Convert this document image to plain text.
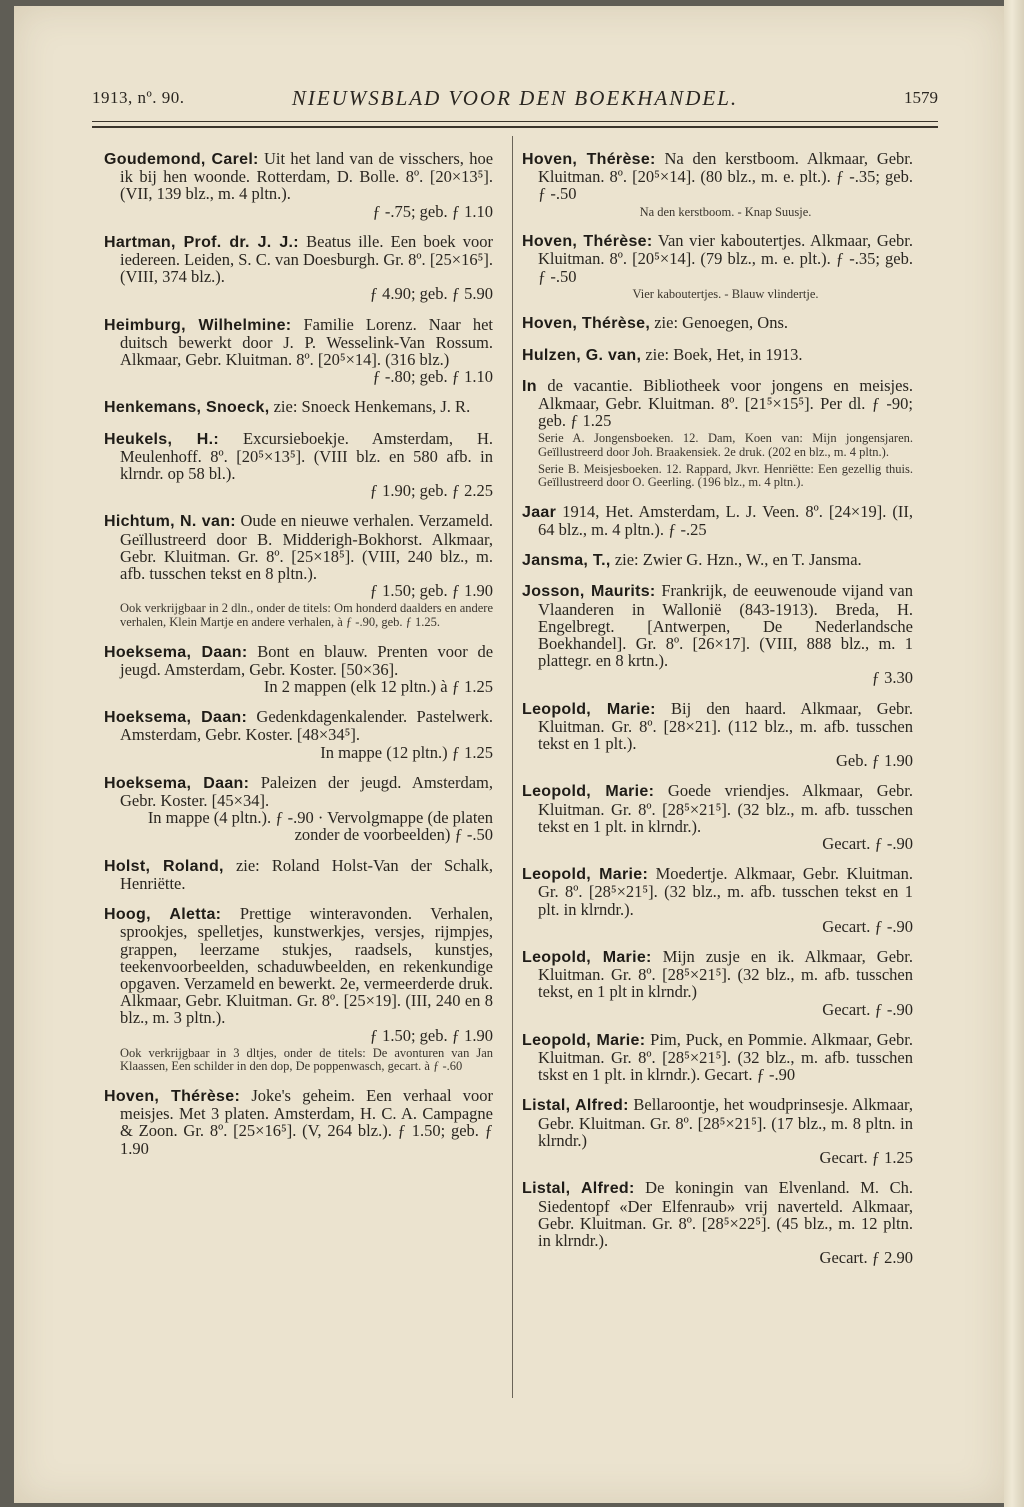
1913, nº. 90.	NIEUWSBLAD VOOR DEN BOEKHANDEL.	1579
Goudemond, Carel: Uit het land van de visschers, hoe ik bij hen woonde. Rotterdam, D. Bolle. 8º. [20×13⁵]. (VII, 139 blz., m. 4 pltn.).
ƒ -.75; geb. ƒ 1.10
Hartman, Prof. dr. J. J.: Beatus ille. Een boek voor iedereen. Leiden, S. C. van Doesburgh. Gr. 8º. [25×16⁵]. (VIII, 374 blz.).
ƒ 4.90; geb. ƒ 5.90
Heimburg, Wilhelmine: Familie Lorenz. Naar het duitsch bewerkt door J. P. Wesselink-Van Rossum. Alkmaar, Gebr. Kluitman. 8º. [20⁵×14]. (316 blz.)
ƒ -.80; geb. ƒ 1.10
Henkemans, Snoeck, zie: Snoeck Henkemans, J. R.
Heukels, H.: Excursieboekje. Amsterdam, H. Meulenhoff. 8º. [20⁵×13⁵]. (VIII blz. en 580 afb. in klrndr. op 58 bl.).
ƒ 1.90; geb. ƒ 2.25
Hichtum, N. van: Oude en nieuwe verhalen. Verzameld. Geïllustreerd door B. Midderigh-Bokhorst. Alkmaar, Gebr. Kluitman. Gr. 8º. [25×18⁵]. (VIII, 240 blz., m. afb. tusschen tekst en 8 pltn.).
ƒ 1.50; geb. ƒ 1.90
Ook verkrijgbaar in 2 dln., onder de titels: Om honderd daalders en andere verhalen, Klein Martje en andere verhalen, à ƒ -.90, geb. ƒ 1.25.
Hoeksema, Daan: Bont en blauw. Prenten voor de jeugd. Amsterdam, Gebr. Koster. [50×36].
In 2 mappen (elk 12 pltn.) à ƒ 1.25
Hoeksema, Daan: Gedenkdagenkalender. Pastelwerk. Amsterdam, Gebr. Koster. [48×34⁵].
In mappe (12 pltn.) ƒ 1.25
Hoeksema, Daan: Paleizen der jeugd. Amsterdam, Gebr. Koster. [45×34].
In mappe (4 pltn.). ƒ -.90 · Vervolgmappe (de platen zonder de voorbeelden) ƒ -.50
Holst, Roland, zie: Roland Holst-Van der Schalk, Henriëtte.
Hoog, Aletta: Prettige winteravonden. Verhalen, sprookjes, spelletjes, kunstwerkjes, versjes, rijmpjes, grappen, leerzame stukjes, raadsels, kunstjes, teekenvoorbeelden, schaduwbeelden, en rekenkundige opgaven. Verzameld en bewerkt. 2e, vermeerderde druk. Alkmaar, Gebr. Kluitman. Gr. 8º. [25×19]. (III, 240 en 8 blz., m. 3 pltn.).
ƒ 1.50; geb. ƒ 1.90
Ook verkrijgbaar in 3 dltjes, onder de titels: De avonturen van Jan Klaassen, Een schilder in den dop, De poppenwasch, gecart. à ƒ -.60
Hoven, Thérèse: Joke's geheim. Een verhaal voor meisjes. Met 3 platen. Amsterdam, H. C. A. Campagne & Zoon. Gr. 8º. [25×16⁵]. (V, 264 blz.). ƒ 1.50; geb. ƒ 1.90
Hoven, Thérèse: Na den kerstboom. Alkmaar, Gebr. Kluitman. 8º. [20⁵×14]. (80 blz., m. e. plt.). ƒ -.35; geb. ƒ -.50
Na den kerstboom. - Knap Suusje.
Hoven, Thérèse: Van vier kaboutertjes. Alkmaar, Gebr. Kluitman. 8º. [20⁵×14]. (79 blz., m. e. plt.). ƒ -.35; geb. ƒ -.50
Vier kaboutertjes. - Blauw vlindertje.
Hoven, Thérèse, zie: Genoegen, Ons.
Hulzen, G. van, zie: Boek, Het, in 1913.
In de vacantie. Bibliotheek voor jongens en meisjes. Alkmaar, Gebr. Kluitman. 8º. [21⁵×15⁵]. Per dl. ƒ -90; geb. ƒ 1.25
Serie A. Jongensboeken. 12. Dam, Koen van: Mijn jongensjaren. Geïllustreerd door Joh. Braakensiek. 2e druk. (202 en blz., m. 4 pltn.).
Serie B. Meisjesboeken. 12. Rappard, Jkvr. Henriëtte: Een gezellig thuis. Geïllustreerd door O. Geerling. (196 blz., m. 4 pltn.).
Jaar 1914, Het. Amsterdam, L. J. Veen. 8º. [24×19]. (II, 64 blz., m. 4 pltn.). ƒ -.25
Jansma, T., zie: Zwier G. Hzn., W., en T. Jansma.
Josson, Maurits: Frankrijk, de eeuwenoude vijand van Vlaanderen in Wallonië (843-1913). Breda, H. Engelbregt. [Antwerpen, De Nederlandsche Boekhandel]. Gr. 8º. [26×17]. (VIII, 888 blz., m. 1 plattegr. en 8 krtn.).
ƒ 3.30
Leopold, Marie: Bij den haard. Alkmaar, Gebr. Kluitman. Gr. 8º. [28×21]. (112 blz., m. afb. tusschen tekst en 1 plt.).
Geb. ƒ 1.90
Leopold, Marie: Goede vriendjes. Alkmaar, Gebr. Kluitman. Gr. 8º. [28⁵×21⁵]. (32 blz., m. afb. tusschen tekst en 1 plt. in klrndr.).
Gecart. ƒ -.90
Leopold, Marie: Moedertje. Alkmaar, Gebr. Kluitman. Gr. 8º. [28⁵×21⁵]. (32 blz., m. afb. tusschen tekst en 1 plt. in klrndr.).
Gecart. ƒ -.90
Leopold, Marie: Mijn zusje en ik. Alkmaar, Gebr. Kluitman. Gr. 8º. [28⁵×21⁵]. (32 blz., m. afb. tusschen tekst, en 1 plt in klrndr.)
Gecart. ƒ -.90
Leopold, Marie: Pim, Puck, en Pommie. Alkmaar, Gebr. Kluitman. Gr. 8º. [28⁵×21⁵]. (32 blz., m. afb. tusschen tskst en 1 plt. in klrndr.). Gecart. ƒ -.90
Listal, Alfred: Bellaroontje, het woudprinsesje. Alkmaar, Gebr. Kluitman. Gr. 8º. [28⁵×21⁵]. (17 blz., m. 8 pltn. in klrndr.)
Gecart. ƒ 1.25
Listal, Alfred: De koningin van Elvenland. M. Ch. Siedentopf «Der Elfenraub» vrij naverteld. Alkmaar, Gebr. Kluitman. Gr. 8º. [28⁵×22⁵]. (45 blz., m. 12 pltn. in klrndr.).
Gecart. ƒ 2.90
